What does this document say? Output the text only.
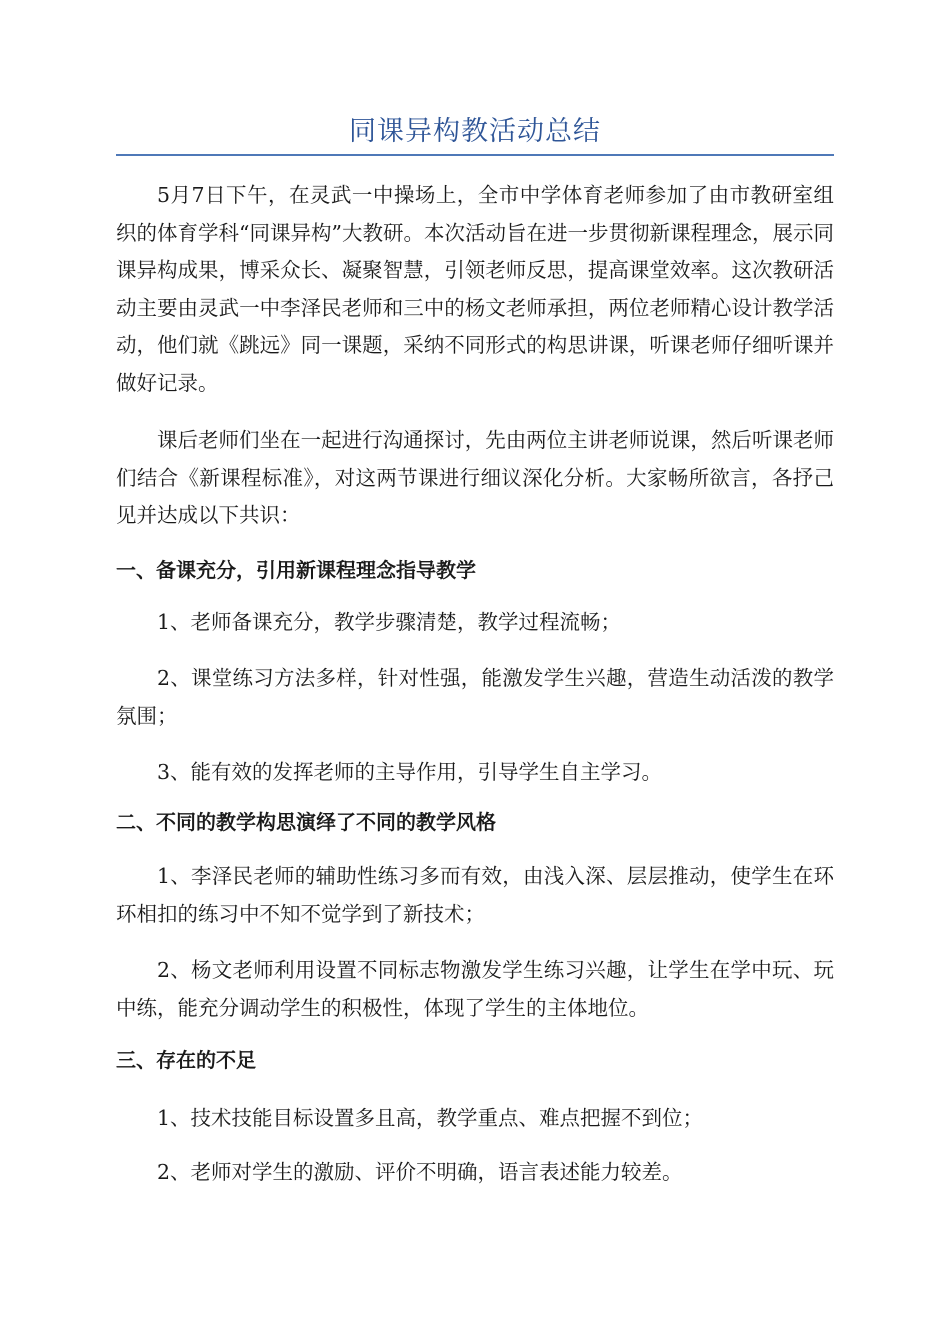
同课异构教活动总结

5月7日下午，在灵武一中操场上，全市中学体育老师参加了由市教研室组织的体育学科“同课异构”大教研。本次活动旨在进一步贯彻新课程理念，展示同课异构成果，博采众长、凝聚智慧，引领老师反思，提高课堂效率。这次教研活动主要由灵武一中李泽民老师和三中的杨文老师承担，两位老师精心设计教学活动，他们就《跳远》同一课题，采纳不同形式的构思讲课，听课老师仔细听课并做好记录。

课后老师们坐在一起进行沟通探讨，先由两位主讲老师说课，然后听课老师们结合《新课程标准》，对这两节课进行细议深化分析。大家畅所欲言，各抒己见并达成以下共识：

一、备课充分，引用新课程理念指导教学

1、老师备课充分，教学步骤清楚，教学过程流畅；

2、课堂练习方法多样，针对性强，能激发学生兴趣，营造生动活泼的教学氛围；

3、能有效的发挥老师的主导作用，引导学生自主学习。

二、不同的教学构思演绎了不同的教学风格

1、李泽民老师的辅助性练习多而有效，由浅入深、层层推动，使学生在环环相扣的练习中不知不觉学到了新技术；

2、杨文老师利用设置不同标志物激发学生练习兴趣，让学生在学中玩、玩中练，能充分调动学生的积极性，体现了学生的主体地位。

三、存在的不足

1、技术技能目标设置多且高，教学重点、难点把握不到位；

2、老师对学生的激励、评价不明确，语言表述能力较差。
